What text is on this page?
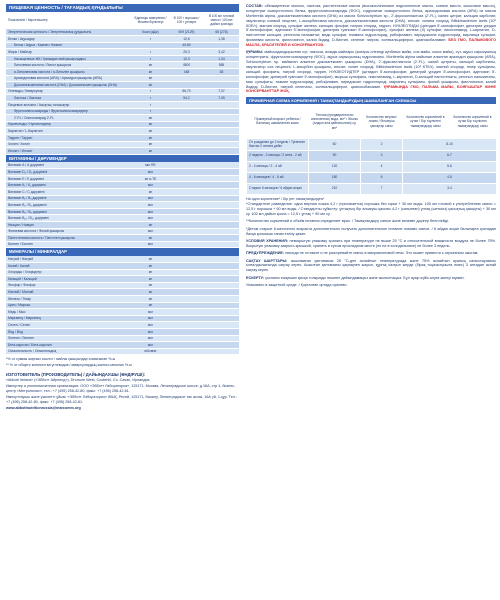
ПИЩЕВАЯ ЦЕННОСТЬ / ТАҒАМДЫҚ ҚҰНДЫЛЫҒЫ
Показатели / Көрсеткіштер	Единицы измерения / Өлшем бірліктері	В 100 г порошка / 100 г ұнтақта	В 100 мл готовой смеси / 100 мл дайын қоспада
Энергетическая ценность / Энергетикалық құндылығы	Ккал (кДж)	509 (2129)	66 (276)
Белки / Ақуыздар	г	10,6	1,38
Белок / Ақуыз : Казеин / Казеин		40:60	
Жиры / Майлар	г	26,3	3,42
Насыщенные ЖК / Қаныққан май қышқылдары	г	10,3	1,34
Линолевая кислота / Линол қышқылы	мг	4500	585
α-Линоленовая кислота / α-Линолен қышқылы	мг	448	58
Арахидоновая кислота (ARA) / Арахидон қышқылы (ARA)	мг		
Докозагексаеновая кислота (DHA) / Докозагексаен қышқылы (DHA)	мг		
Углеводы / Көмірсулар	г	56,74	7,37
Лактоза / Лактоза	г	54,2	7,05
Пищевые волокна / Азықтық талшықтар	г		
Фруктоолигосахариды / Фруктоолигосахаридтер	г		
2'-FL / Олигосахарид 2'-FL	мг		
Нуклеотиды / Нуклеотидтер	мг		
Карнитин / L-Карнитин	мг		
Таурин / Таурин	мг		
Холин / Холин	мг		
Инозит / Инозит	мг		
ВИТАМИНЫ / ДӘРУМЕНДЕР
Витамин А / А дәрумені	мкг RE		
Витамин D₃ / D₃ дәрумені	мкг		
Витамин Е / Е дәрумені	мг α-ТЕ		
Витамин К₁ / К₁ дәрумені	мкг		
Витамин С / С дәрумені	мг		
Витамин В₁ / В₁ дәрумені	мкг		
Витамин В₂ / В₂ дәрумені	мкг		
Витамин В₆ / В₆ дәрумені	мкг		
Витамин В₁₂ / В₁₂ дәрумені	мкг		
Ниацин / Ниацин	мг		
Фолиевая кислота / Фолий қышқылы	мкг		
Пантотеновая кислота / Пантотен қышқылы	мг		
Биотин / Биотин	мкг		
МИНЕРАЛЫ / МИНЕРАЛДАР
Натрий / Натрий	мг		
Калий / Калий	мг		
Хлориды / Хлоридтер	мг		
Кальций / Кальций	мг		
Фосфор / Фосфор	мг		
Магний / Магний	мг		
Железо / Темір	мг		
Цинк / Мырыш	мг		
Медь / Мыс	мкг		
Марганец / Марганец	мкг		
Селен / Селен	мкг		
Йод / Йод	мкг		
Лютеин / Лютеин	мкг		
Бета-каротин / Бета-каротин	мкг		
Осмоляльность / Осмоляльдық	мОсм/кг		

*% от суммы жирных кислот / майлы қышқылдар сомасынан %-ы

** % от общего количества углеводов / көмірсулардың жалпы санынан %-ы

ИЗГОТОВИТЕЛЬ (ПРОИЗВОДИТЕЛЬ) / ДАЙЫНДАУШЫ (ӨНДІРУШІ):

«Abbott Ireland» («Эбботт Айрленд»), Dromore West, Cootehill, Co. Cavan, Ирландия.

Импортер и уполномоченная организация: ООО «Эбботт Лэбораториз», 125171, Москва, Ленинградское шоссе, д.16А, стр.1, бизнес-центр «Метрополис», тел.: +7 (495) 258-42-80, факс: +7 (495) 258-42-81.

Импорттаушы және уәкілетті ұйым: «Эбботт Лэбораториз» ЖШҚ, Ресей, 125171, Мәскеу, Ленинградское тас жолы, 16А үй, 1-құр. Тел.: +7 (495) 258-42-80, факс: +7 (495) 258-42-81.

www.abbottnutritionrussia@marcomm.org

СОСТАВ: обезжиренное молоко, лактоза, растительные масла (высокоолеиновое подсолнечное масло, соевое масло, кокосовое масло), концентрат сывороточного белка, фруктоолигосахариды (ФОС), гидролизат сывороточного белка, арахидоновая кислота (ARA) из масла Mortierella alpina, докозагексаеновая кислота (DHA) из масла Schizochytrium sp., 2'-фукозиллактоза (2'-FL), калия цитрат, кальция карбонат, эмульгатор соевый лецитин, L-аскорбиновая кислота, докозагексаеновая кислота (DHA), инозит, холина хлорид, Bifidobacterium lactis (10⁶ КОЕ/г), магния хлорид, сульфат железа, кальция фосфат, натрия хлорид, таурин, НУКЛЕОТИДЫ (цитидин 5'-монофосфат, динатрия уридин 5'-монофосфат, аденозин 5'-монофосфат, динатрия гуанозин 5'-монофосфат), сульфат железа (II) сульфат, никотинамид, L-карнитин, D-пантотенат кальция, ретинола пальмитат, медь сульфат, тиамина гидрохлорид, рибофлавин, пиридоксина гидрохлорид, марганца сульфат, фолиевая кислота, филлохинон, калия йодид, D-биотин, селенат натрия, холекальциферол, цианокобаламин. БЕЗ ГМО, ПАЛЬМОВОГО МАСЛА, КРАСИТЕЛЕЙ И КОНСЕРВАНТОВ.

ҚҰРАМЫ: майсыздандырылған сүт, лактоза, өсімдік майлары (жоғары олеинді күнбағыс майы, соя майы, кокос майы), сүт, ақуыз сарысуының концентраты, фруктоолигосахаридтер (ФОС), ақуыз сарысуының гидролизаты, Mortierella alpina майынан алынған арахидон қышқылы (ARA), Schizochytrium sp. майынан алынған докозагексаен қышқылы (DHA), 2'-фукозиллактоза (2'-FL), калий цитраты, кальций карбонаты, эмульгатор соя лецитині, L-аскорбин қышқылы, инозит, холин хлориді, Bifidobacterium lactis (10⁶ КТБ/г), магний хлориді, темір сульфаты, кальций фосфаты, натрий хлориді, таурин, НУКЛЕОТИДТЕР (цитидин 5'-монофосфат, динатрий уридин 5'-монофосфат, аденозин 5'-монофосфат, динатрий гуанозин 5'-монофосфат), мырыш сульфаты, никотинамид, L-карнитин, D-кальций пантотенаты, ретинол пальмитаты, мыс сульфаты, тиамин гидрохлориді, рибофлавин, пиридоксин гидрохлориді, марганец сульфаты, фолий қышқылы, филлохинон, калий йодиді, D-биотин, натрий селенаты, холекальциферол, цианокобаламин. ҚҰРАМЫНДА ГМО, ПАЛЬМА МАЙЫ, БОЯҒЫШТАР ЖӘНЕ КОНСЕРВАНТТАР ЖОҚ.

ПРИМЕРНАЯ СХЕМА КОРМЛЕНИЯ / ТАМАҚТАНДЫРУДЫҢ ШАМАЛАНҒАН СХЕМАСЫ
Примерный возраст ребенка / Баланың шамаланған жасы	Теплая (предварительно кипяченная) вода, мл* / Жылы (алдын ала қайнатылған) су, мл*	Количество мерных ложек / Өлшеуіш қасықтар саны	Количество кормлений в сутки / Бір тәуліктегі тамақтандыру саны	Количество кормлений в сутки Бір тәуліктегі тамақтандыру саны
От рождения до 2 недель / Туғаннан бастап 2 аптаға дейін	60	2	8-10	
2 недели - 2 месяца / 2 апта - 2 ай	90	3	6-7	
2 - 4 месяца / 2 - 4 ай	120	4	5-6	
4 - 6 месяцев / 4 - 6 ай	180	6	4-5	
Старше 6 месяцев / 6 айдан асқан	210	7	3-4	
На одно кормление* / Бір рет тамақтандыруға*

*Стандартное разведение: одна мерная ложка 4,2 г (прилагается) порошка без горки + 30 мл воды. 100 мл готовой к употреблению смеси = 12,5 г порошка + 90 мл воды. / Стандартты сұйылту: ұнтақтың бір өлшеуіш қасығы 4,2 г (салынған) ұнтақ (шеткісіз) қасықтың қасықты) + 30 мл су. 100 мл дайын қоспа = 12,5 г ұнтақ + 90 мл су.

**Количество кормлений и объём питания определяет врач. / Тамақтандыру санын және көлемін дәрігер белгілейді.

*Детям старше 6-месячного возраста дополнительно получать дополнительное питание помимо смеси. / 6 айдан асқан балаларға қоспадан басқа қосымша тағам енгізу қажет.

УСЛОВИЯ ХРАНЕНИЯ: невскрытую упаковку хранить при температуре не выше 25 °С и относительной влажности воздуха не более 75%. Вскрытую упаковку закрыть крышкой, хранить в сухом прохладном месте (но не в холодильнике) не более 3 недель.

ПРЕДУПРЕЖДЕНИЕ: никогда не готовьте и не разогревайте смесь в микроволновой печи. Это может привести к серьезным ожогам.

САҚТАУ ШАРТТАРЫ: ашылмаған қаптаманы 25 °С-ден аспайтын температурада және 75% аспайтын ауаның салыстырмалы ылғалдылығында сақтау керек. Ашылған қаптаманы қақпақпен жауып, құрғақ салқын жерде (бірақ тоңазытқышта емес) 3 аптадан аспай сақтау керек.

ЕСКЕРТУ: қоспаны ешқашан қысқа толқынды пешпен дайындамаңыз және жылытпаңыз. Бұл ауыр күйік алуға әкелуі мүмкін.

Упаковано в защитной среде. / Қорғалған ортада оралған.
